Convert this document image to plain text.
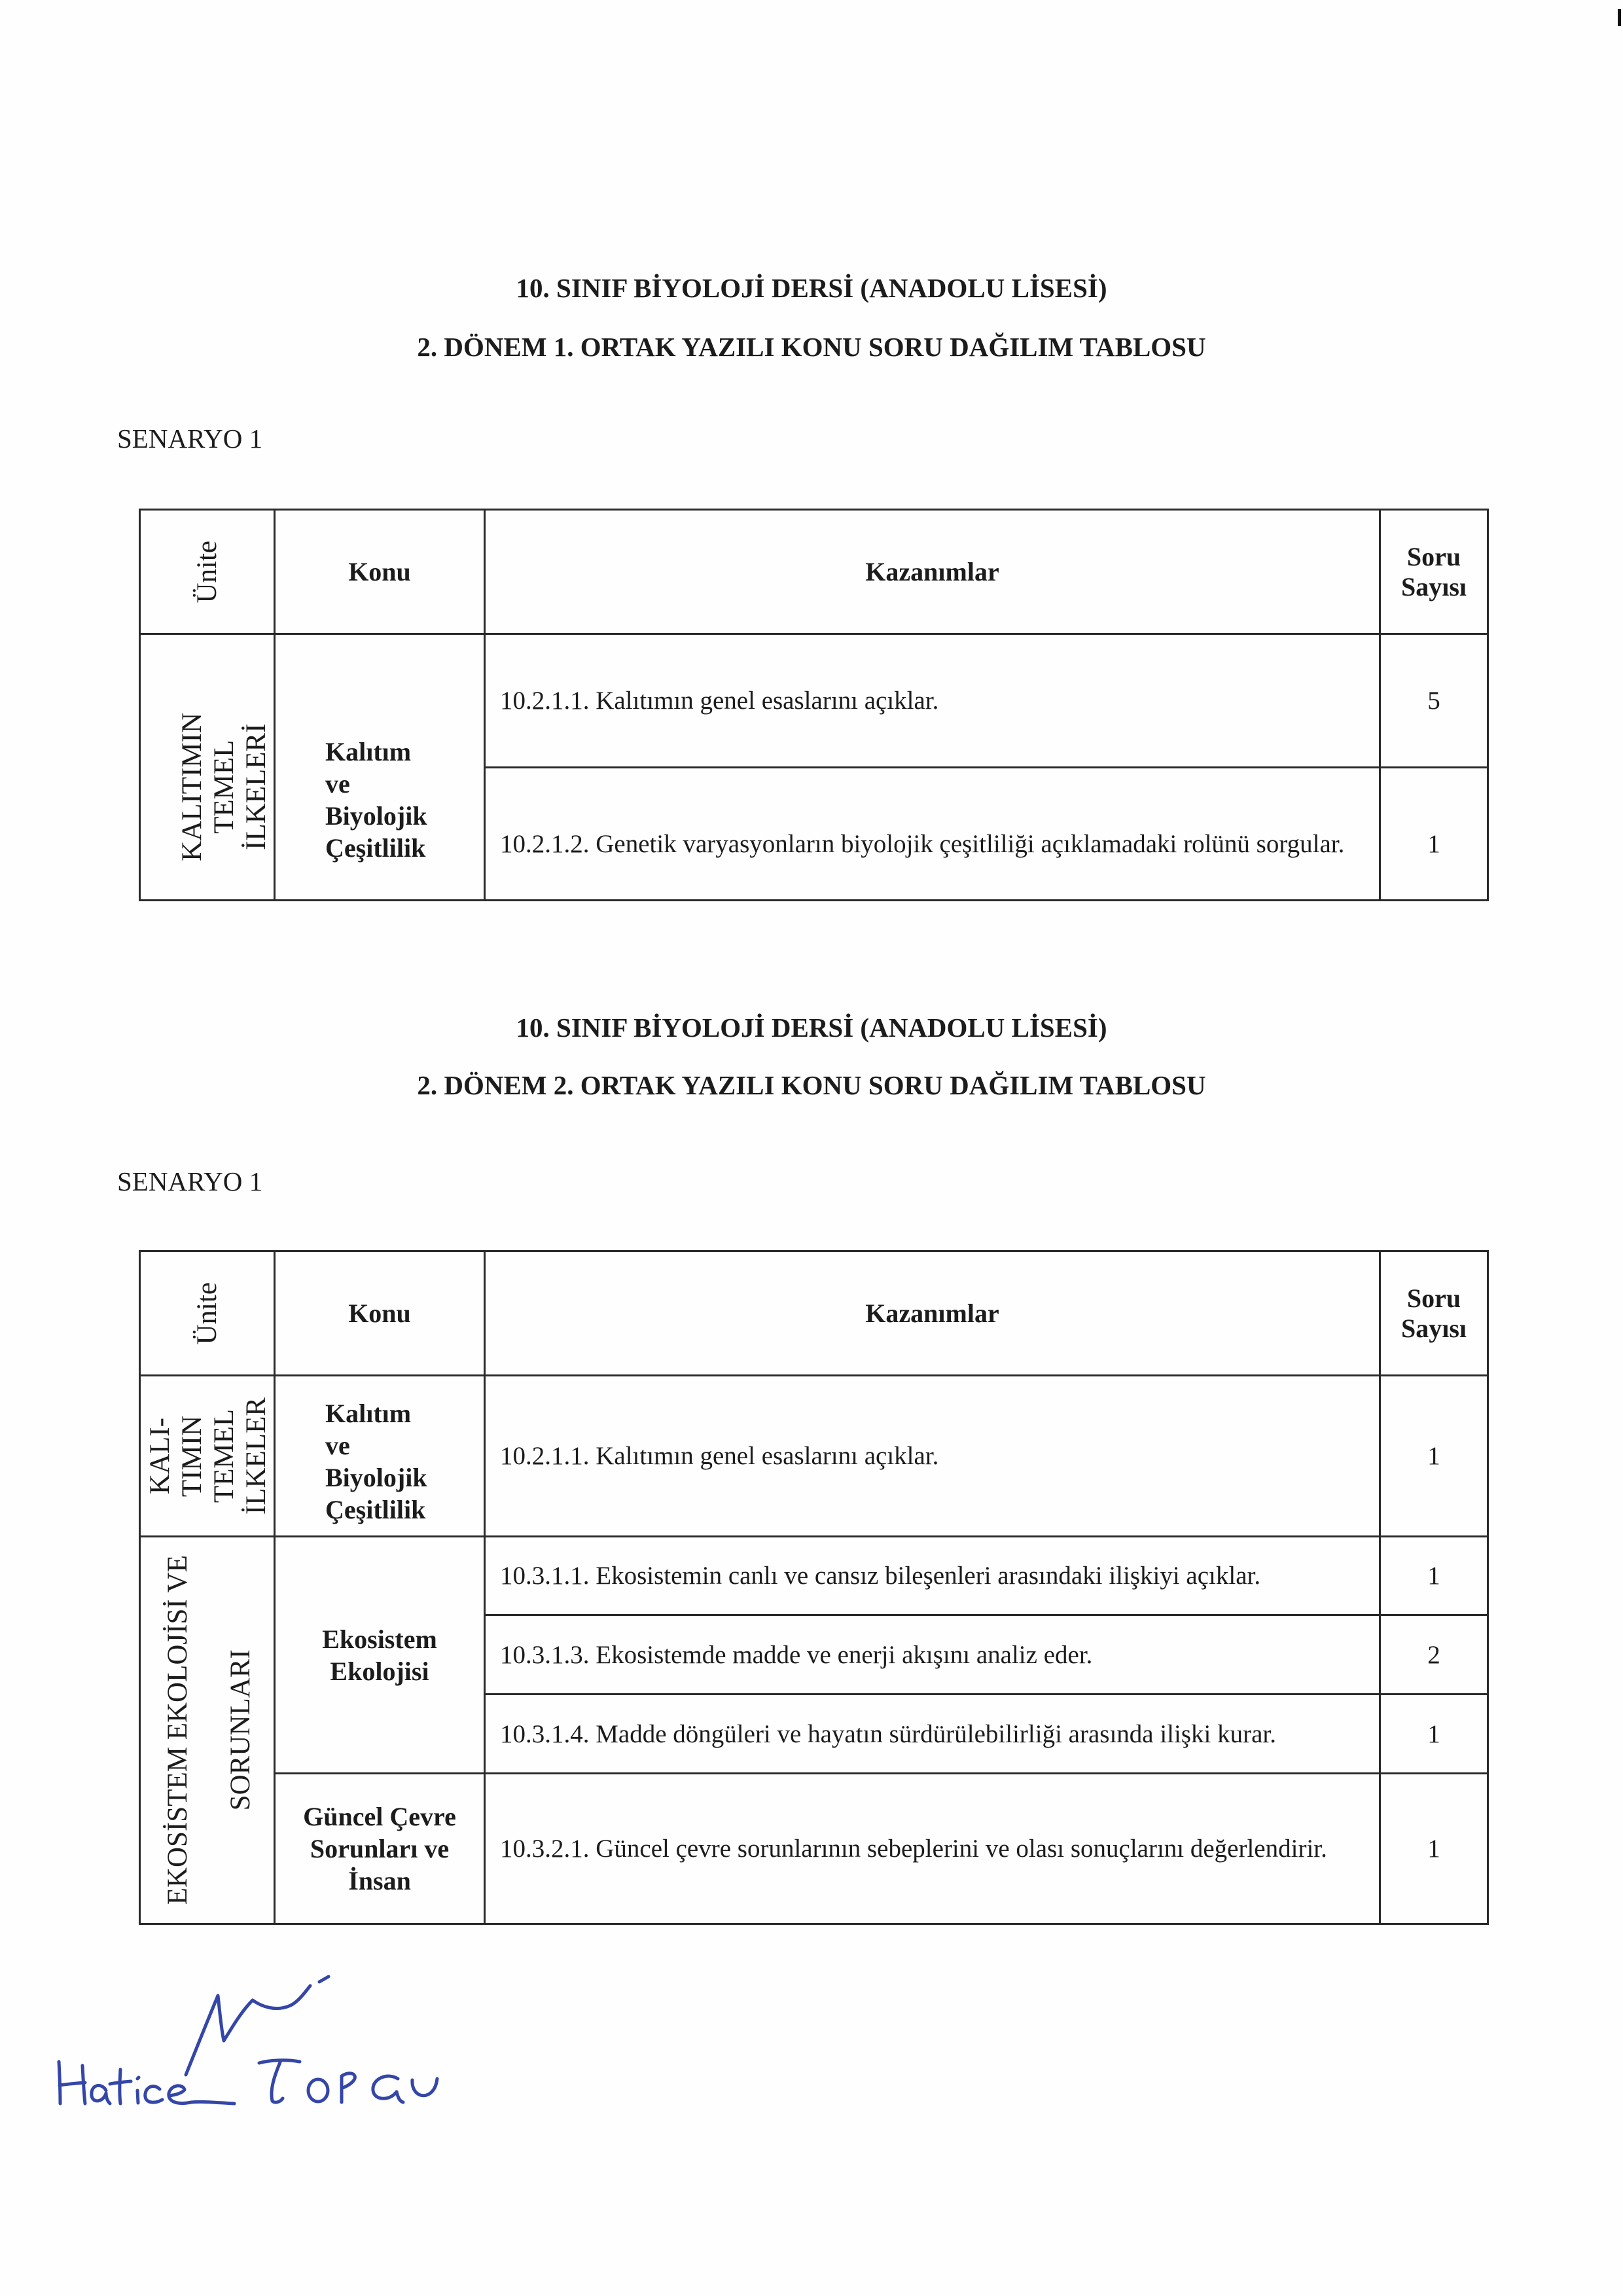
10. SINIF BİYOLOJİ DERSİ (ANADOLU LİSESİ)
2. DÖNEM 1. ORTAK YAZILI KONU SORU DAĞILIM TABLOSU
SENARYO 1
Ünite	Konu	Kazanımlar	Soru Sayısı

KALITIMIN TEMEL İLKELERİ	Kalıtım
ve
Biyolojik
Çeşitlilik	10.2.1.1. Kalıtımın genel esaslarını açıklar.	5
		10.2.1.2. Genetik varyasyonların biyolojik çeşitliliği açıklamadaki rolünü sorgular.	1
10. SINIF BİYOLOJİ DERSİ (ANADOLU LİSESİ)
2. DÖNEM 2. ORTAK YAZILI KONU SORU DAĞILIM TABLOSU
SENARYO 1
Ünite	Konu	Kazanımlar	Soru Sayısı

KALI- TIMIN TEMEL İLKELER	Kalıtım
ve
Biyolojik
Çeşitlilik	10.2.1.1. Kalıtımın genel esaslarını açıklar.	1

EKOSİSTEM EKOLOJİSİ VE SORUNLARI	Ekosistem
Ekolojisi	10.3.1.1. Ekosistemin canlı ve cansız bileşenleri arasındaki ilişkiyi açıklar.	1
		10.3.1.3. Ekosistemde madde ve enerji akışını analiz eder.	2
		10.3.1.4. Madde döngüleri ve hayatın sürdürülebilirliği arasında ilişki kurar.	1

	Güncel Çevre
Sorunları ve
İnsan	10.3.2.1. Güncel çevre sorunlarının sebeplerini ve olası sonuçlarını değerlendirir.	1
